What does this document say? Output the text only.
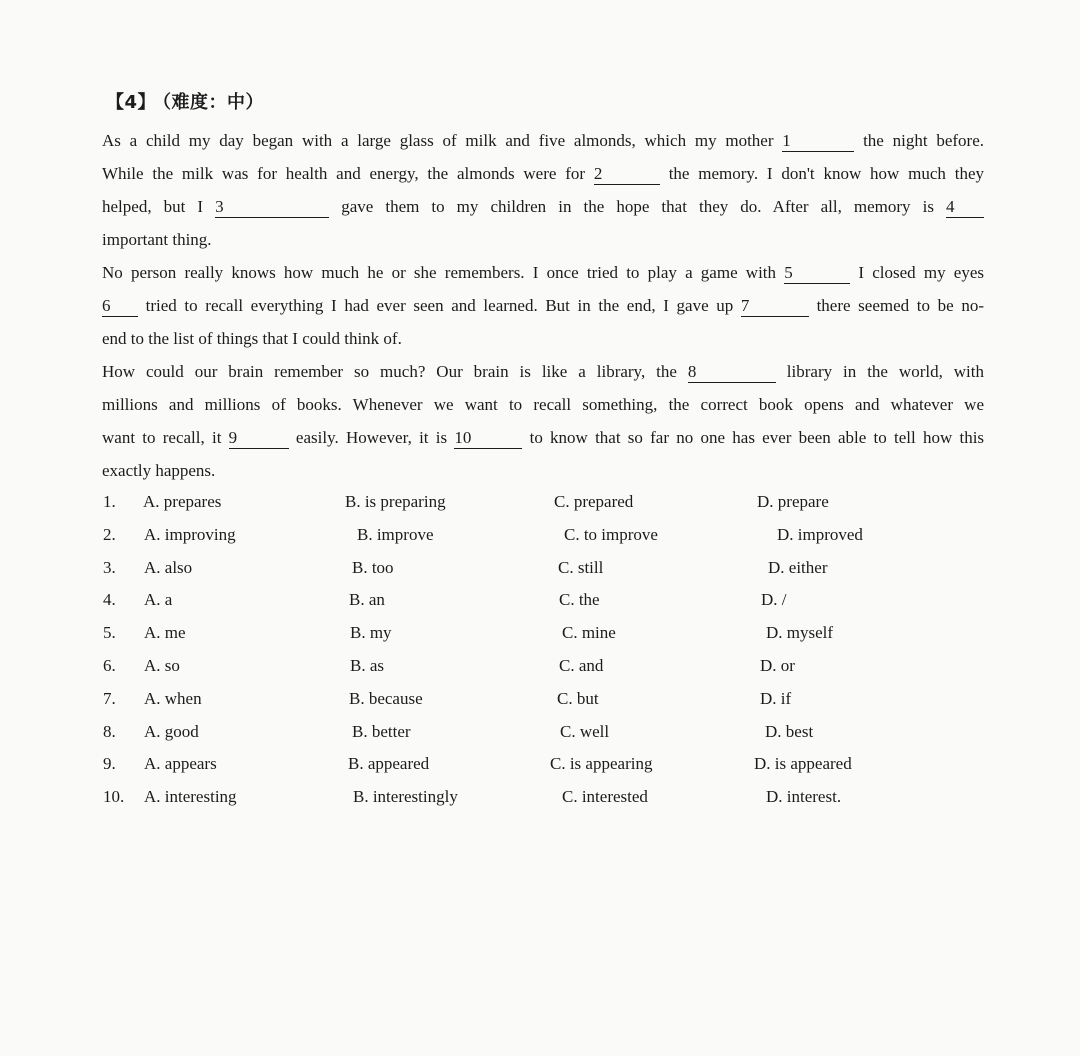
【4】 （难度：中）
As a child my day began with a large glass of milk and five almonds, which my mother 1	the night before.
While the milk was for health and energy, the almonds were for 2	the memory. I don't know how much they
helped, but I 3	gave them to my children in the hope that they do. After all, memory is 4
important thing.
No person really knows how much he or she remembers. I once tried to play a game with 5	I closed my eyes
6 tried to recall everything I had ever seen and learned. But in the end, I gave up 7	there seemed to be no-
end to the list of things that I could think of.
How could our brain remember so much? Our brain is like a library, the 8	library in the world, with
millions and millions of books. Whenever we want to recall something, the correct book opens and whatever we
want to recall, it 9	easily. However, it is 10	to know that so far no one has ever been able to tell how this
exactly happens.
1. A. prepares	B. is preparing	C. prepared	D. prepare
2. A. improving	B. improve	C. to improve	D. improved
3. A. also	B. too	C. still	D. either
4. A. a	B. an	C. the	D. /
5. A. me	B. my	C. mine	D. myself
6. A. so	B. as	C. and	D. or
7. A. when	B. because	C. but	D. if
8. A. good	B. better	C. well	D. best
9. A. appears	B. appeared	C. is appearing	D. is appeared
10. A. interesting	B. interestingly	C. interested	D. interest.
